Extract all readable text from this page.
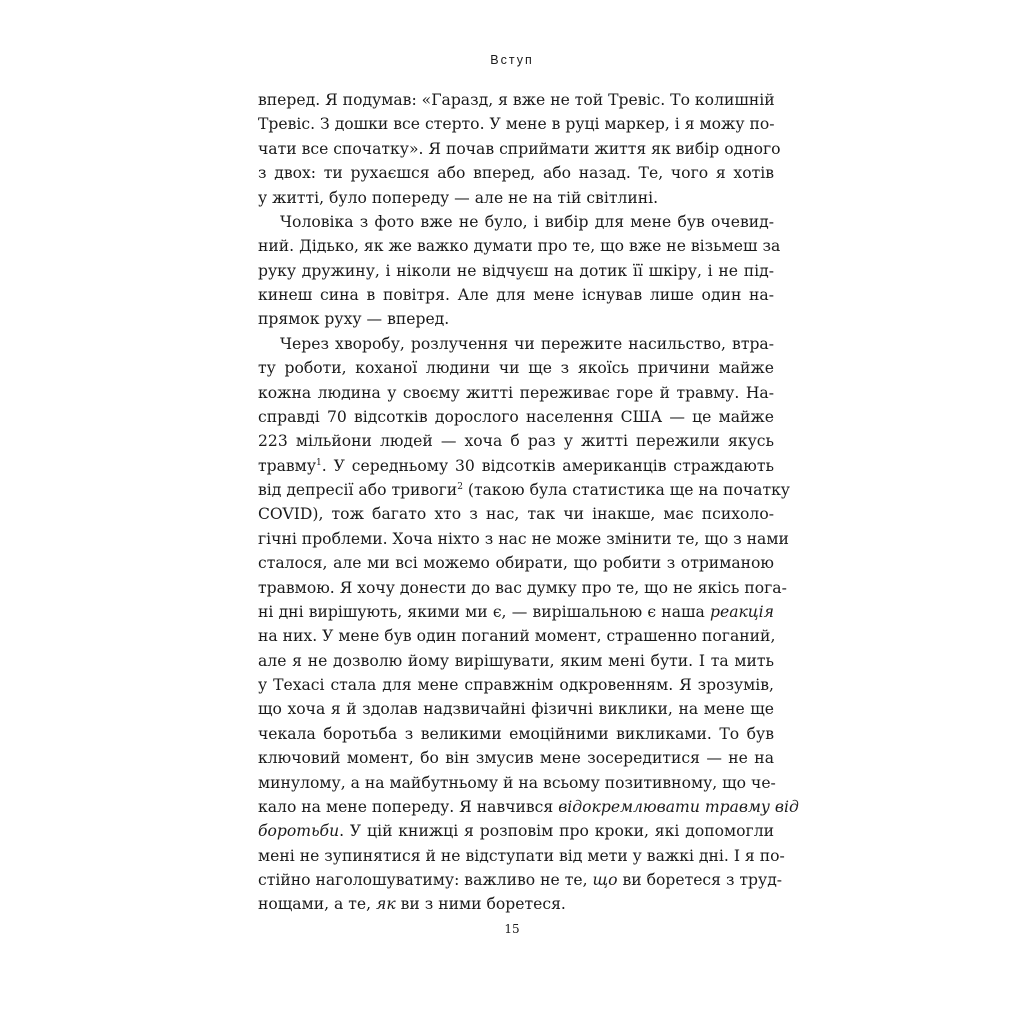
Вступ
вперед. Я подумав: «Гаразд, я вже не той Тревіс. То колишній
Тревіс. З дошки все стерто. У мене в руці маркер, і я можу по-
чати все спочатку». Я почав сприймати життя як вибір одного
з двох: ти рухаєшся або вперед, або назад. Те, чого я хотів
у житті, було попереду — але не на тій світлині.
Чоловіка з фото вже не було, і вибір для мене був очевид-
ний. Дідько, як же важко думати про те, що вже не візьмеш за
руку дружину, і ніколи не відчуєш на дотик її шкіру, і не під-
кинеш сина в повітря. Але для мене існував лише один на-
прямок руху — вперед.
Через хворобу, розлучення чи пережите насильство, втра-
ту роботи, коханої людини чи ще з якоїсь причини майже
кожна людина у своєму житті переживає горе й травму. На-
справді 70 відсотків дорослого населення США — це майже
223 мільйони людей — хоча б раз у житті пережили якусь
травму$^1$. У середньому 30 відсотків американців страждають
від депресії або тривоги$^2$ (такою була статистика ще на початку
COVID), тож багато хто з нас, так чи інакше, має психоло-
гічні проблеми. Хоча ніхто з нас не може змінити те, що з нами
сталося, але ми всі можемо обирати, що робити з отриманою
травмою. Я хочу донести до вас думку про те, що не якісь пога-
ні дні вирішують, якими ми є, — вирішальною є наша реакція
на них. У мене був один поганий момент, страшенно поганий,
але я не дозволю йому вирішувати, яким мені бути. І та мить
у Техасі стала для мене справжнім одкровенням. Я зрозумів,
що хоча я й здолав надзвичайні фізичні виклики, на мене ще
чекала боротьба з великими емоційними викликами. То був
ключовий момент, бо він змусив мене зосередитися — не на
минулому, а на майбутньому й на всьому позитивному, що че-
кало на мене попереду. Я навчився відокремлювати травму від
боротьби. У цій книжці я розповім про кроки, які допомогли
мені не зупинятися й не відступати від мети у важкі дні. І я по-
стійно наголошуватиму: важливо не те, що ви боретеся з труд-
нощами, а те, як ви з ними боретеся.
15
